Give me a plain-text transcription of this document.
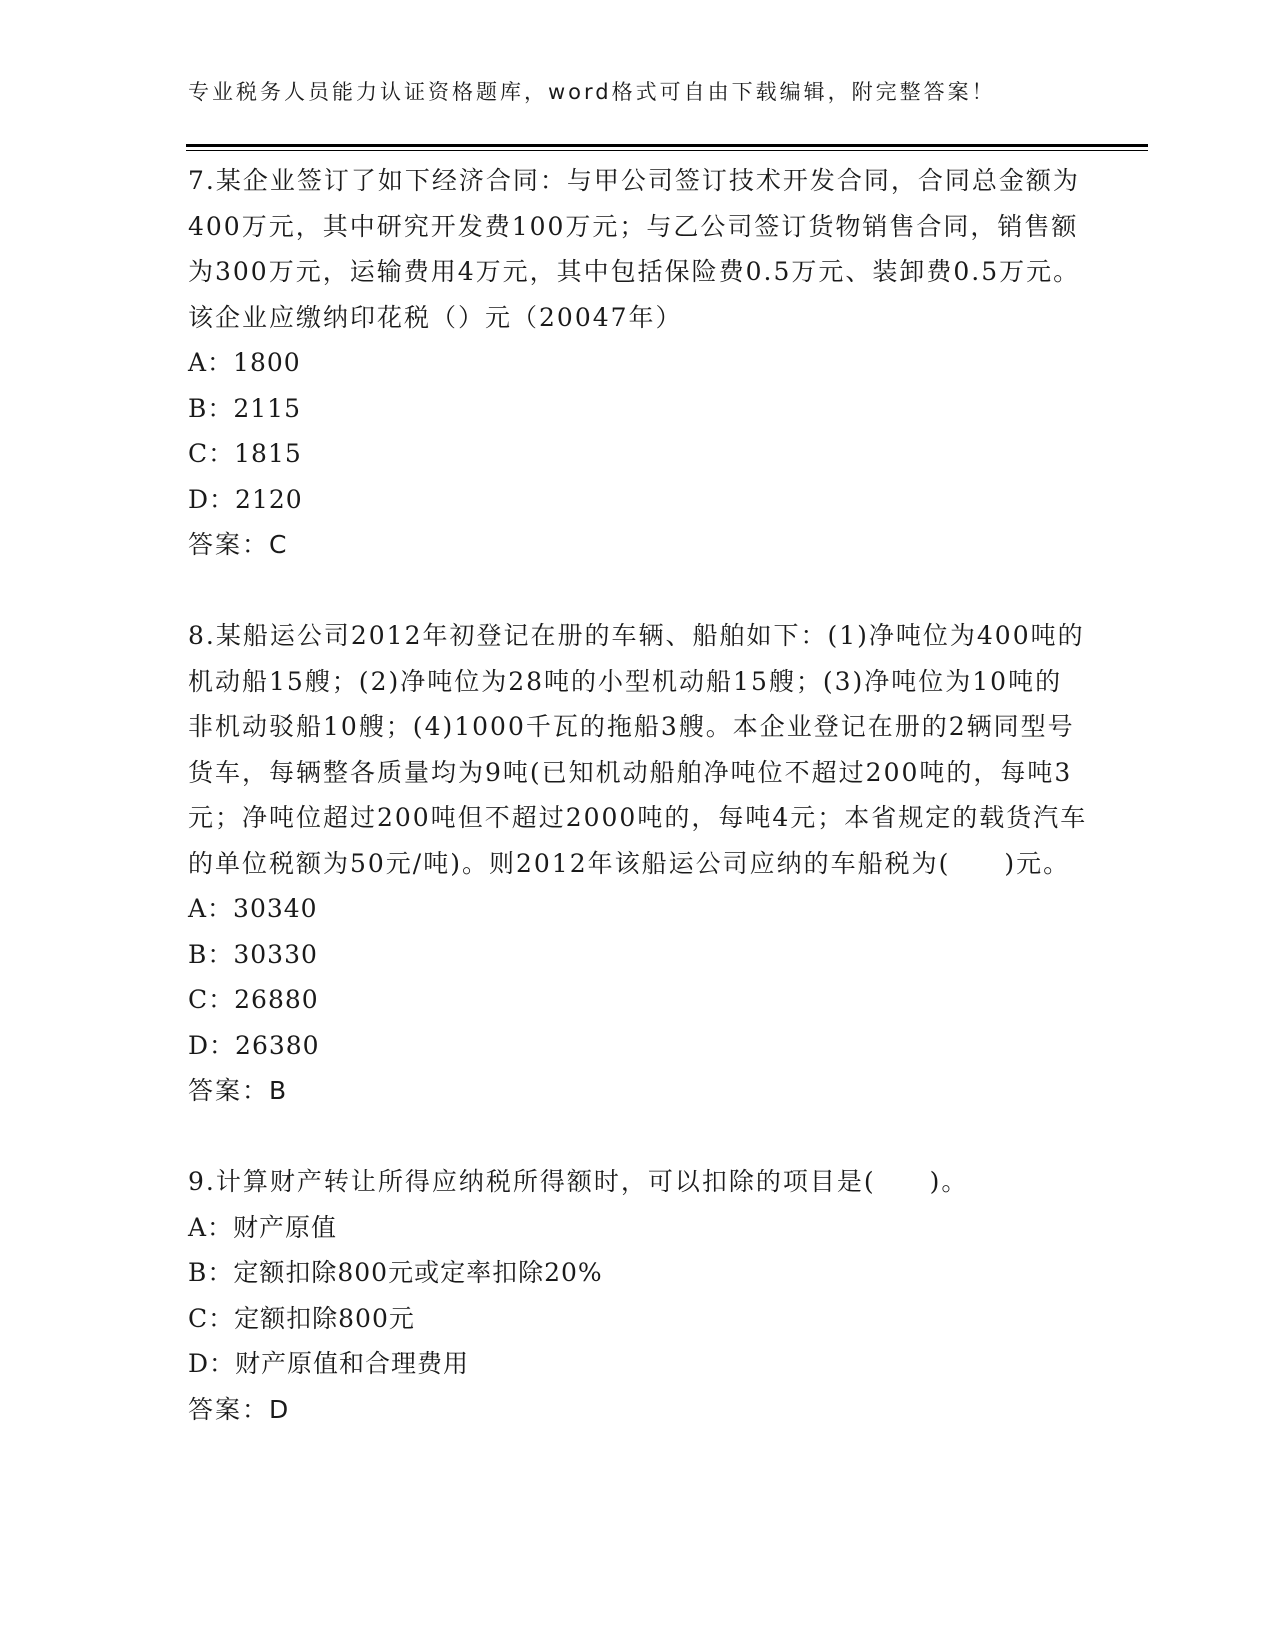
专业税务人员能力认证资格题库，word格式可自由下载编辑，附完整答案！

7.某企业签订了如下经济合同：与甲公司签订技术开发合同，合同总金额为400万元，其中研究开发费100万元；与乙公司签订货物销售合同，销售额为300万元，运输费用4万元，其中包括保险费0.5万元、装卸费0.5万元。该企业应缴纳印花税（）元（20047年）

A：1800

B：2115

C：1815

D：2120

答案：C

8.某船运公司2012年初登记在册的车辆、船舶如下：(1)净吨位为400吨的机动船15艘；(2)净吨位为28吨的小型机动船15艘；(3)净吨位为10吨的非机动驳船10艘；(4)1000千瓦的拖船3艘。本企业登记在册的2辆同型号货车，每辆整各质量均为9吨(已知机动船舶净吨位不超过200吨的，每吨3元；净吨位超过200吨但不超过2000吨的，每吨4元；本省规定的载货汽车的单位税额为50元/吨)。则2012年该船运公司应纳的车船税为(　　)元。

A：30340

B：30330

C：26880

D：26380

答案：B

9.计算财产转让所得应纳税所得额时，可以扣除的项目是(　　)。

A：财产原值

B：定额扣除800元或定率扣除20%

C：定额扣除800元

D：财产原值和合理费用

答案：D
